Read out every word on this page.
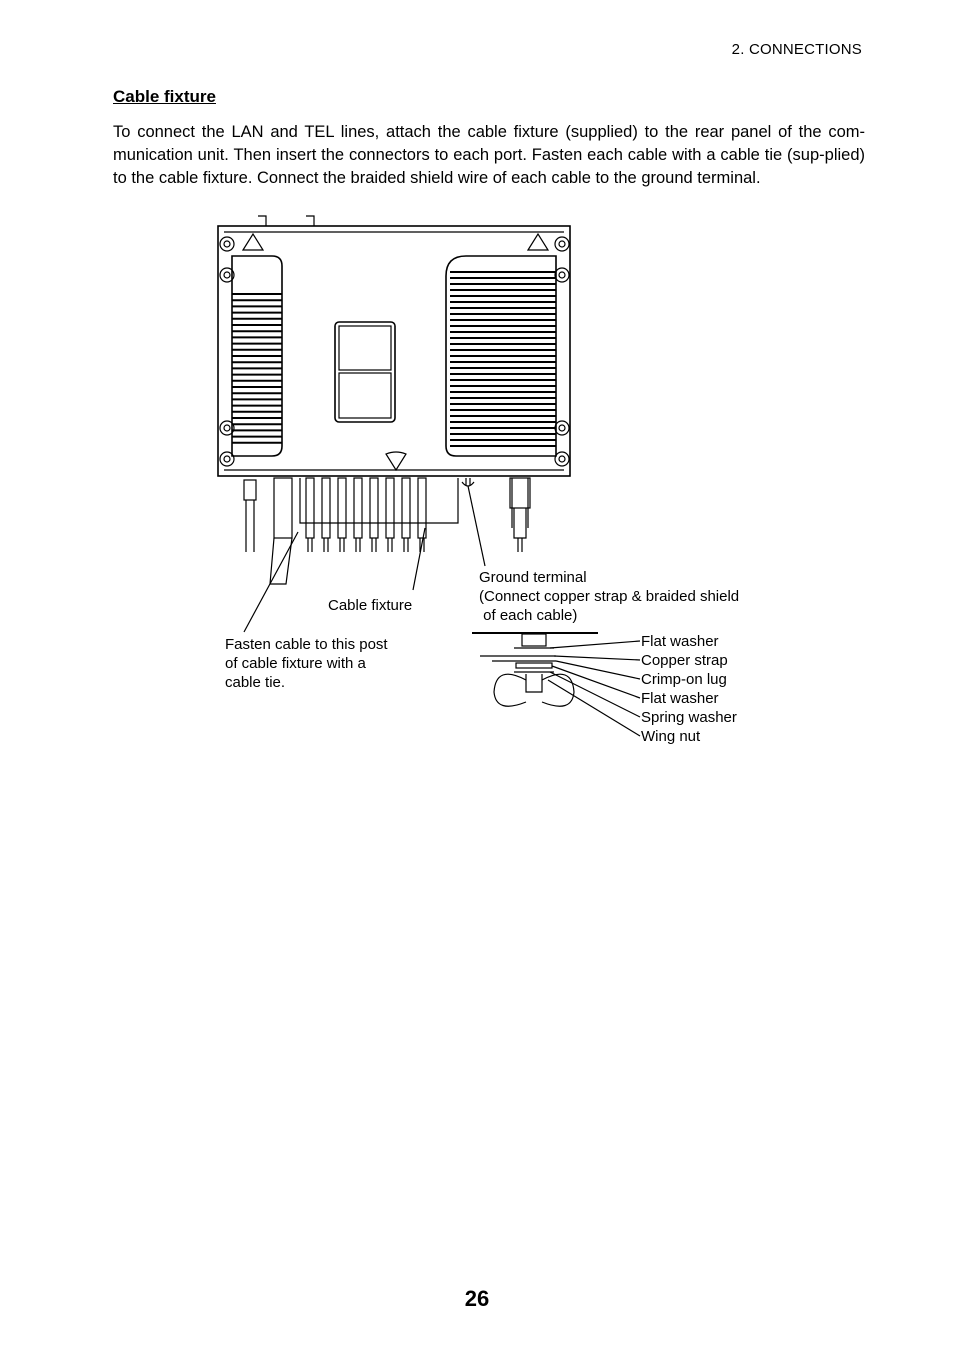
2. CONNECTIONS
Cable fixture
To connect the LAN and TEL lines, attach the cable fixture (supplied) to the rear panel of the com-munication unit. Then insert the connectors to each port. Fasten each cable with a cable tie (sup-plied) to the cable fixture. Connect the braided shield wire of each cable to the ground terminal.
Cable fixture
Fasten cable to this post
of cable fixture with a
cable tie.
Ground terminal
(Connect copper strap & braided shield
of each cable)
Flat washer
Copper strap
Crimp-on lug
Flat washer
Spring washer
Wing nut
26
